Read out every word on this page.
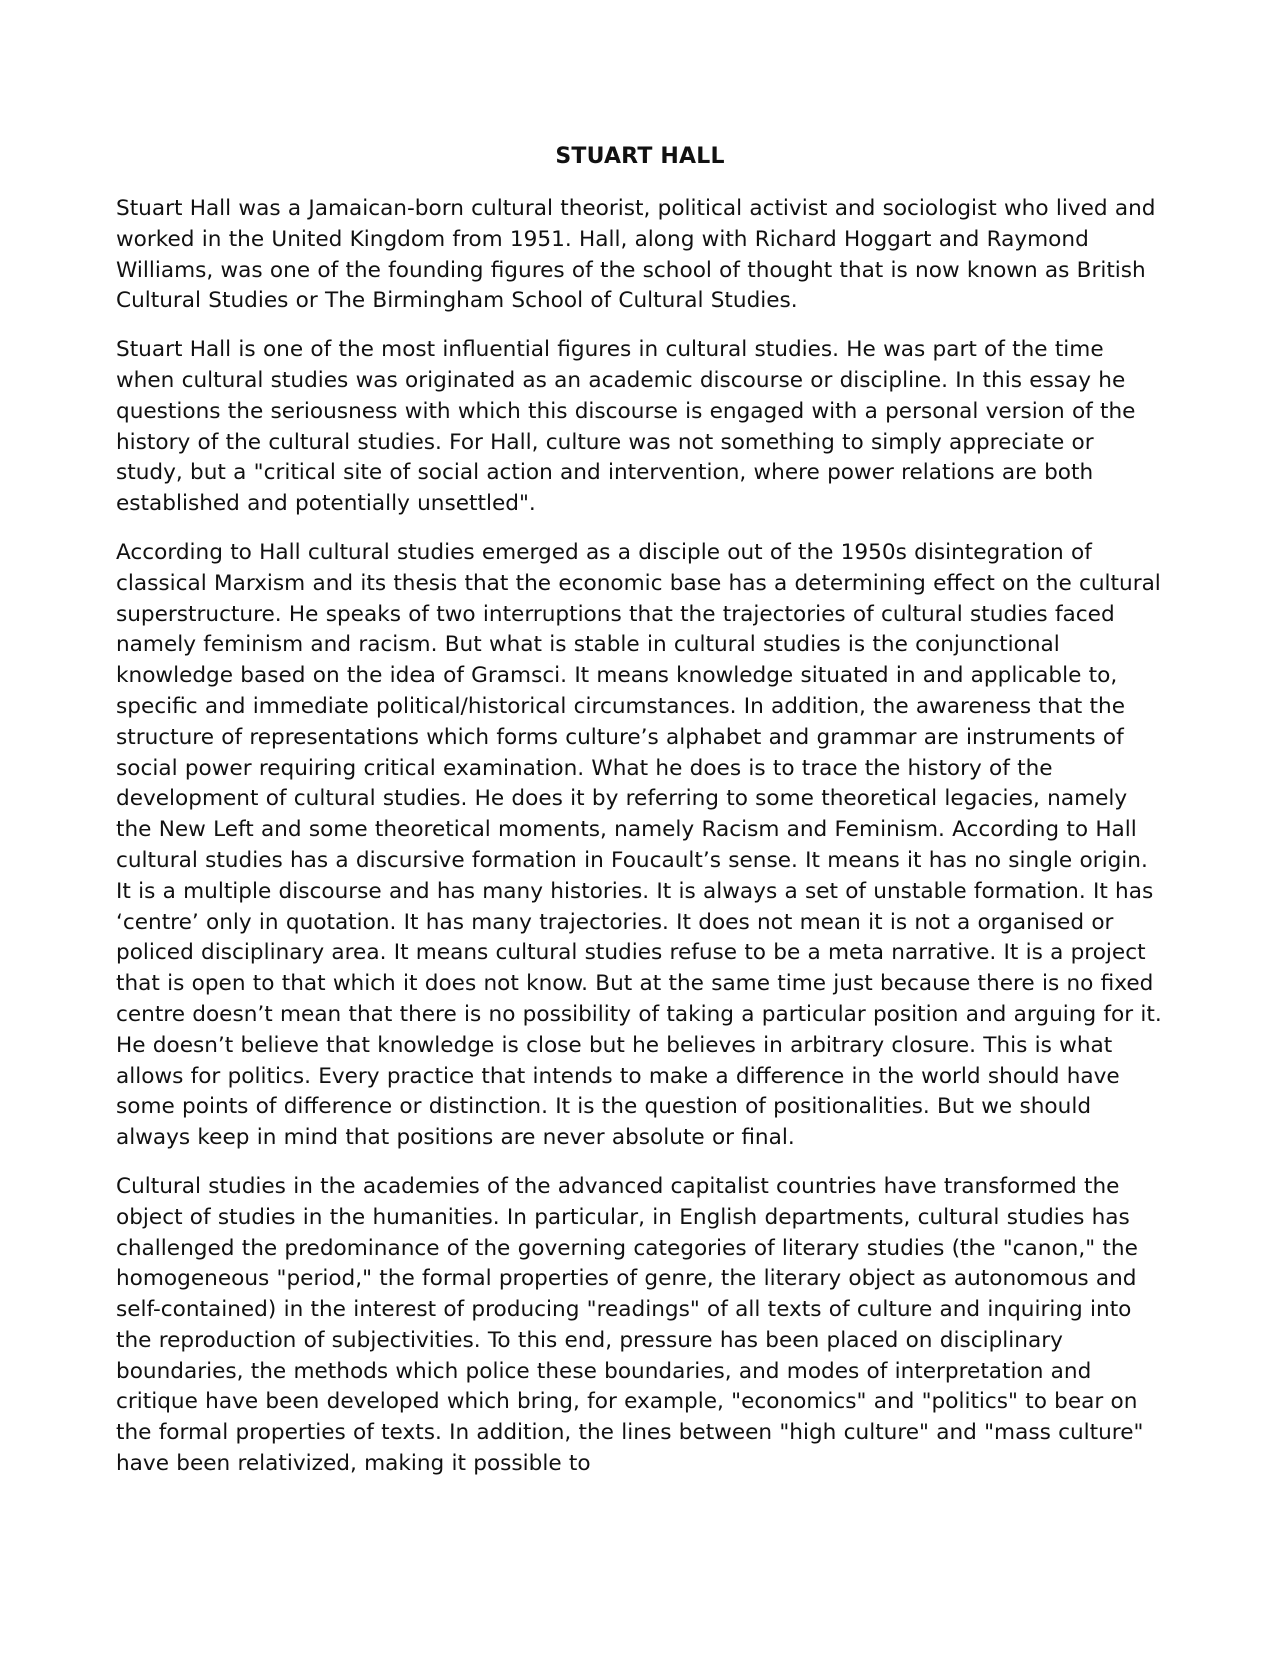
STUART HALL

Stuart Hall was a Jamaican-born cultural theorist, political activist and sociologist who lived and worked in the United Kingdom from 1951. Hall, along with Richard Hoggart and Raymond Williams, was one of the founding figures of the school of thought that is now known as British Cultural Studies or The Birmingham School of Cultural Studies.

Stuart Hall is one of the most influential figures in cultural studies. He was part of the time when cultural studies was originated as an academic discourse or discipline. In this essay he questions the seriousness with which this discourse is engaged with a personal version of the history of the cultural studies. For Hall, culture was not something to simply appreciate or study, but a "critical site of social action and intervention, where power relations are both established and potentially unsettled".

According to Hall cultural studies emerged as a disciple out of the 1950s disintegration of classical Marxism and its thesis that the economic base has a determining effect on the cultural superstructure. He speaks of two interruptions that the trajectories of cultural studies faced namely feminism and racism. But what is stable in cultural studies is the conjunctional knowledge based on the idea of Gramsci. It means knowledge situated in and applicable to, specific and immediate political/historical circumstances. In addition, the awareness that the structure of representations which forms culture’s alphabet and grammar are instruments of social power requiring critical examination. What he does is to trace the history of the development of cultural studies. He does it by referring to some theoretical legacies, namely the New Left and some theoretical moments, namely Racism and Feminism. According to Hall cultural studies has a discursive formation in Foucault’s sense. It means it has no single origin. It is a multiple discourse and has many histories. It is always a set of unstable formation. It has ‘centre’ only in quotation. It has many trajectories. It does not mean it is not a organised or policed disciplinary area. It means cultural studies refuse to be a meta narrative. It is a project that is open to that which it does not know. But at the same time just because there is no fixed centre doesn’t mean that there is no possibility of taking a particular position and arguing for it. He doesn’t believe that knowledge is close but he believes in arbitrary closure. This is what allows for politics. Every practice that intends to make a difference in the world should have some points of difference or distinction. It is the question of positionalities. But we should always keep in mind that positions are never absolute or final.

Cultural studies in the academies of the advanced capitalist countries have transformed the object of studies in the humanities. In particular, in English departments, cultural studies has challenged the predominance of the governing categories of literary studies (the "canon," the homogeneous "period," the formal properties of genre, the literary object as autonomous and self-contained) in the interest of producing "readings" of all texts of culture and inquiring into the reproduction of subjectivities. To this end, pressure has been placed on disciplinary boundaries, the methods which police these boundaries, and modes of interpretation and critique have been developed which bring, for example, "economics" and "politics" to bear on the formal properties of texts. In addition, the lines between "high culture" and "mass culture" have been relativized, making it possible to
